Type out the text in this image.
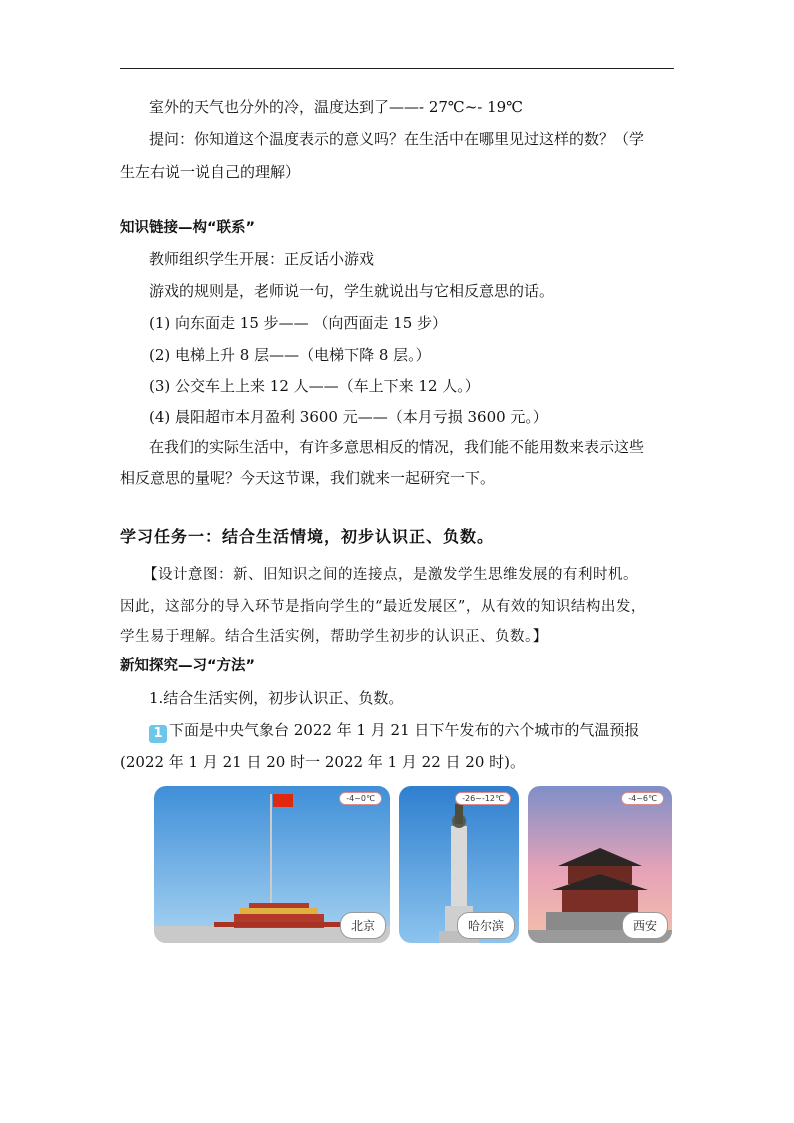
室外的天气也分外的冷，温度达到了——- 27℃~- 19℃
提问：你知道这个温度表示的意义吗？在生活中在哪里见过这样的数？（学
生左右说一说自己的理解）
知识链接—构“联系”
教师组织学生开展：正反话小游戏
游戏的规则是，老师说一句，学生就说出与它相反意思的话。
(1) 向东面走 15 步—— （向西面走 15 步）
(2) 电梯上升 8 层——（电梯下降 8 层。）
(3) 公交车上上来 12 人——（车上下来 12 人。）
(4) 晨阳超市本月盈利 3600 元——（本月亏损 3600 元。）
在我们的实际生活中，有许多意思相反的情况，我们能不能用数来表示这些
相反意思的量呢？今天这节课，我们就来一起研究一下。
学习任务一：结合生活情境，初步认识正、负数。
【设计意图：新、旧知识之间的连接点，是激发学生思维发展的有利时机。
因此，这部分的导入环节是指向学生的“最近发展区”，从有效的知识结构出发，
学生易于理解。结合生活实例，帮助学生初步的认识正、负数。】
新知探究—习“方法”
1.结合生活实例，初步认识正、负数。
1 下面是中央气象台 2022 年 1 月 21 日下午发布的六个城市的气温预报
(2022 年 1 月 21 日 20 时一 2022 年 1 月 22 日 20 时)。
-4~0℃
北京
-26~-12℃
哈尔滨
-4~6℃
西安
